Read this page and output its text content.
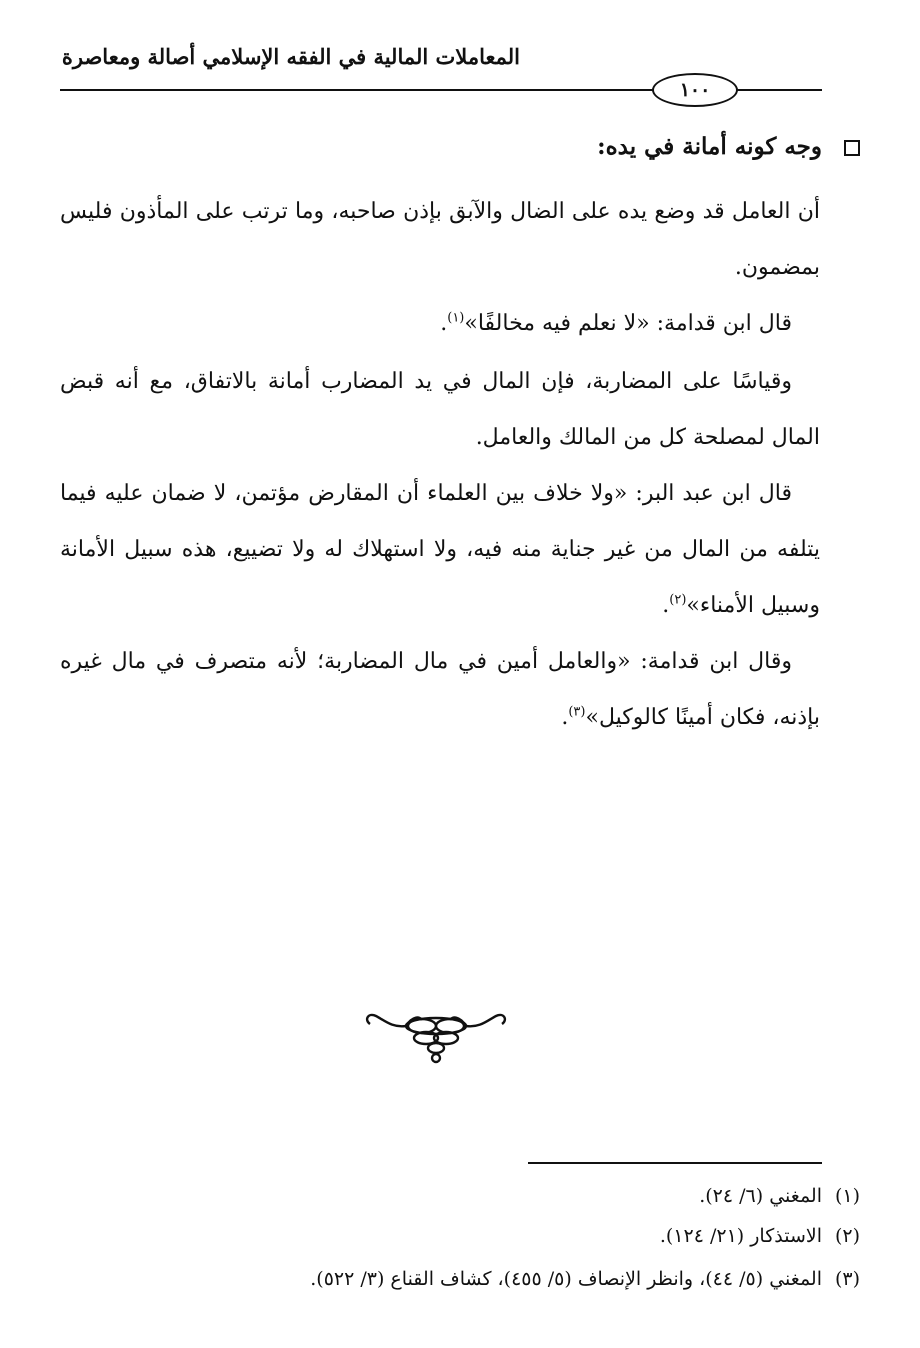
المعاملات المالية في الفقه الإسلامي أصالة ومعاصرة
١٠٠
وجه كونه أمانة في يده:

أن العامل قد وضع يده على الضال والآبق بإذن صاحبه، وما ترتب على المأذون فليس بمضمون.

قال ابن قدامة: «لا نعلم فيه مخالفًا»$^{(١)}$.

وقياسًا على المضاربة، فإن المال في يد المضارب أمانة بالاتفاق، مع أنه قبض المال لمصلحة كل من المالك والعامل.

قال ابن عبد البر: «ولا خلاف بين العلماء أن المقارض مؤتمن، لا ضمان عليه فيما يتلفه من المال من غير جناية منه فيه، ولا استهلاك له ولا تضييع، هذه سبيل الأمانة وسبيل الأمناء»$^{(٢)}$.

وقال ابن قدامة: «والعامل أمين في مال المضاربة؛ لأنه متصرف في مال غيره بإذنه، فكان أمينًا كالوكيل»$^{(٣)}$.

(١)
المغني (٦/ ٢٤).
(٢)
الاستذكار (٢١/ ١٢٤).
(٣)
المغني (٥/ ٤٤)، وانظر الإنصاف (٥/ ٤٥٥)، كشاف القناع (٣/ ٥٢٢).
